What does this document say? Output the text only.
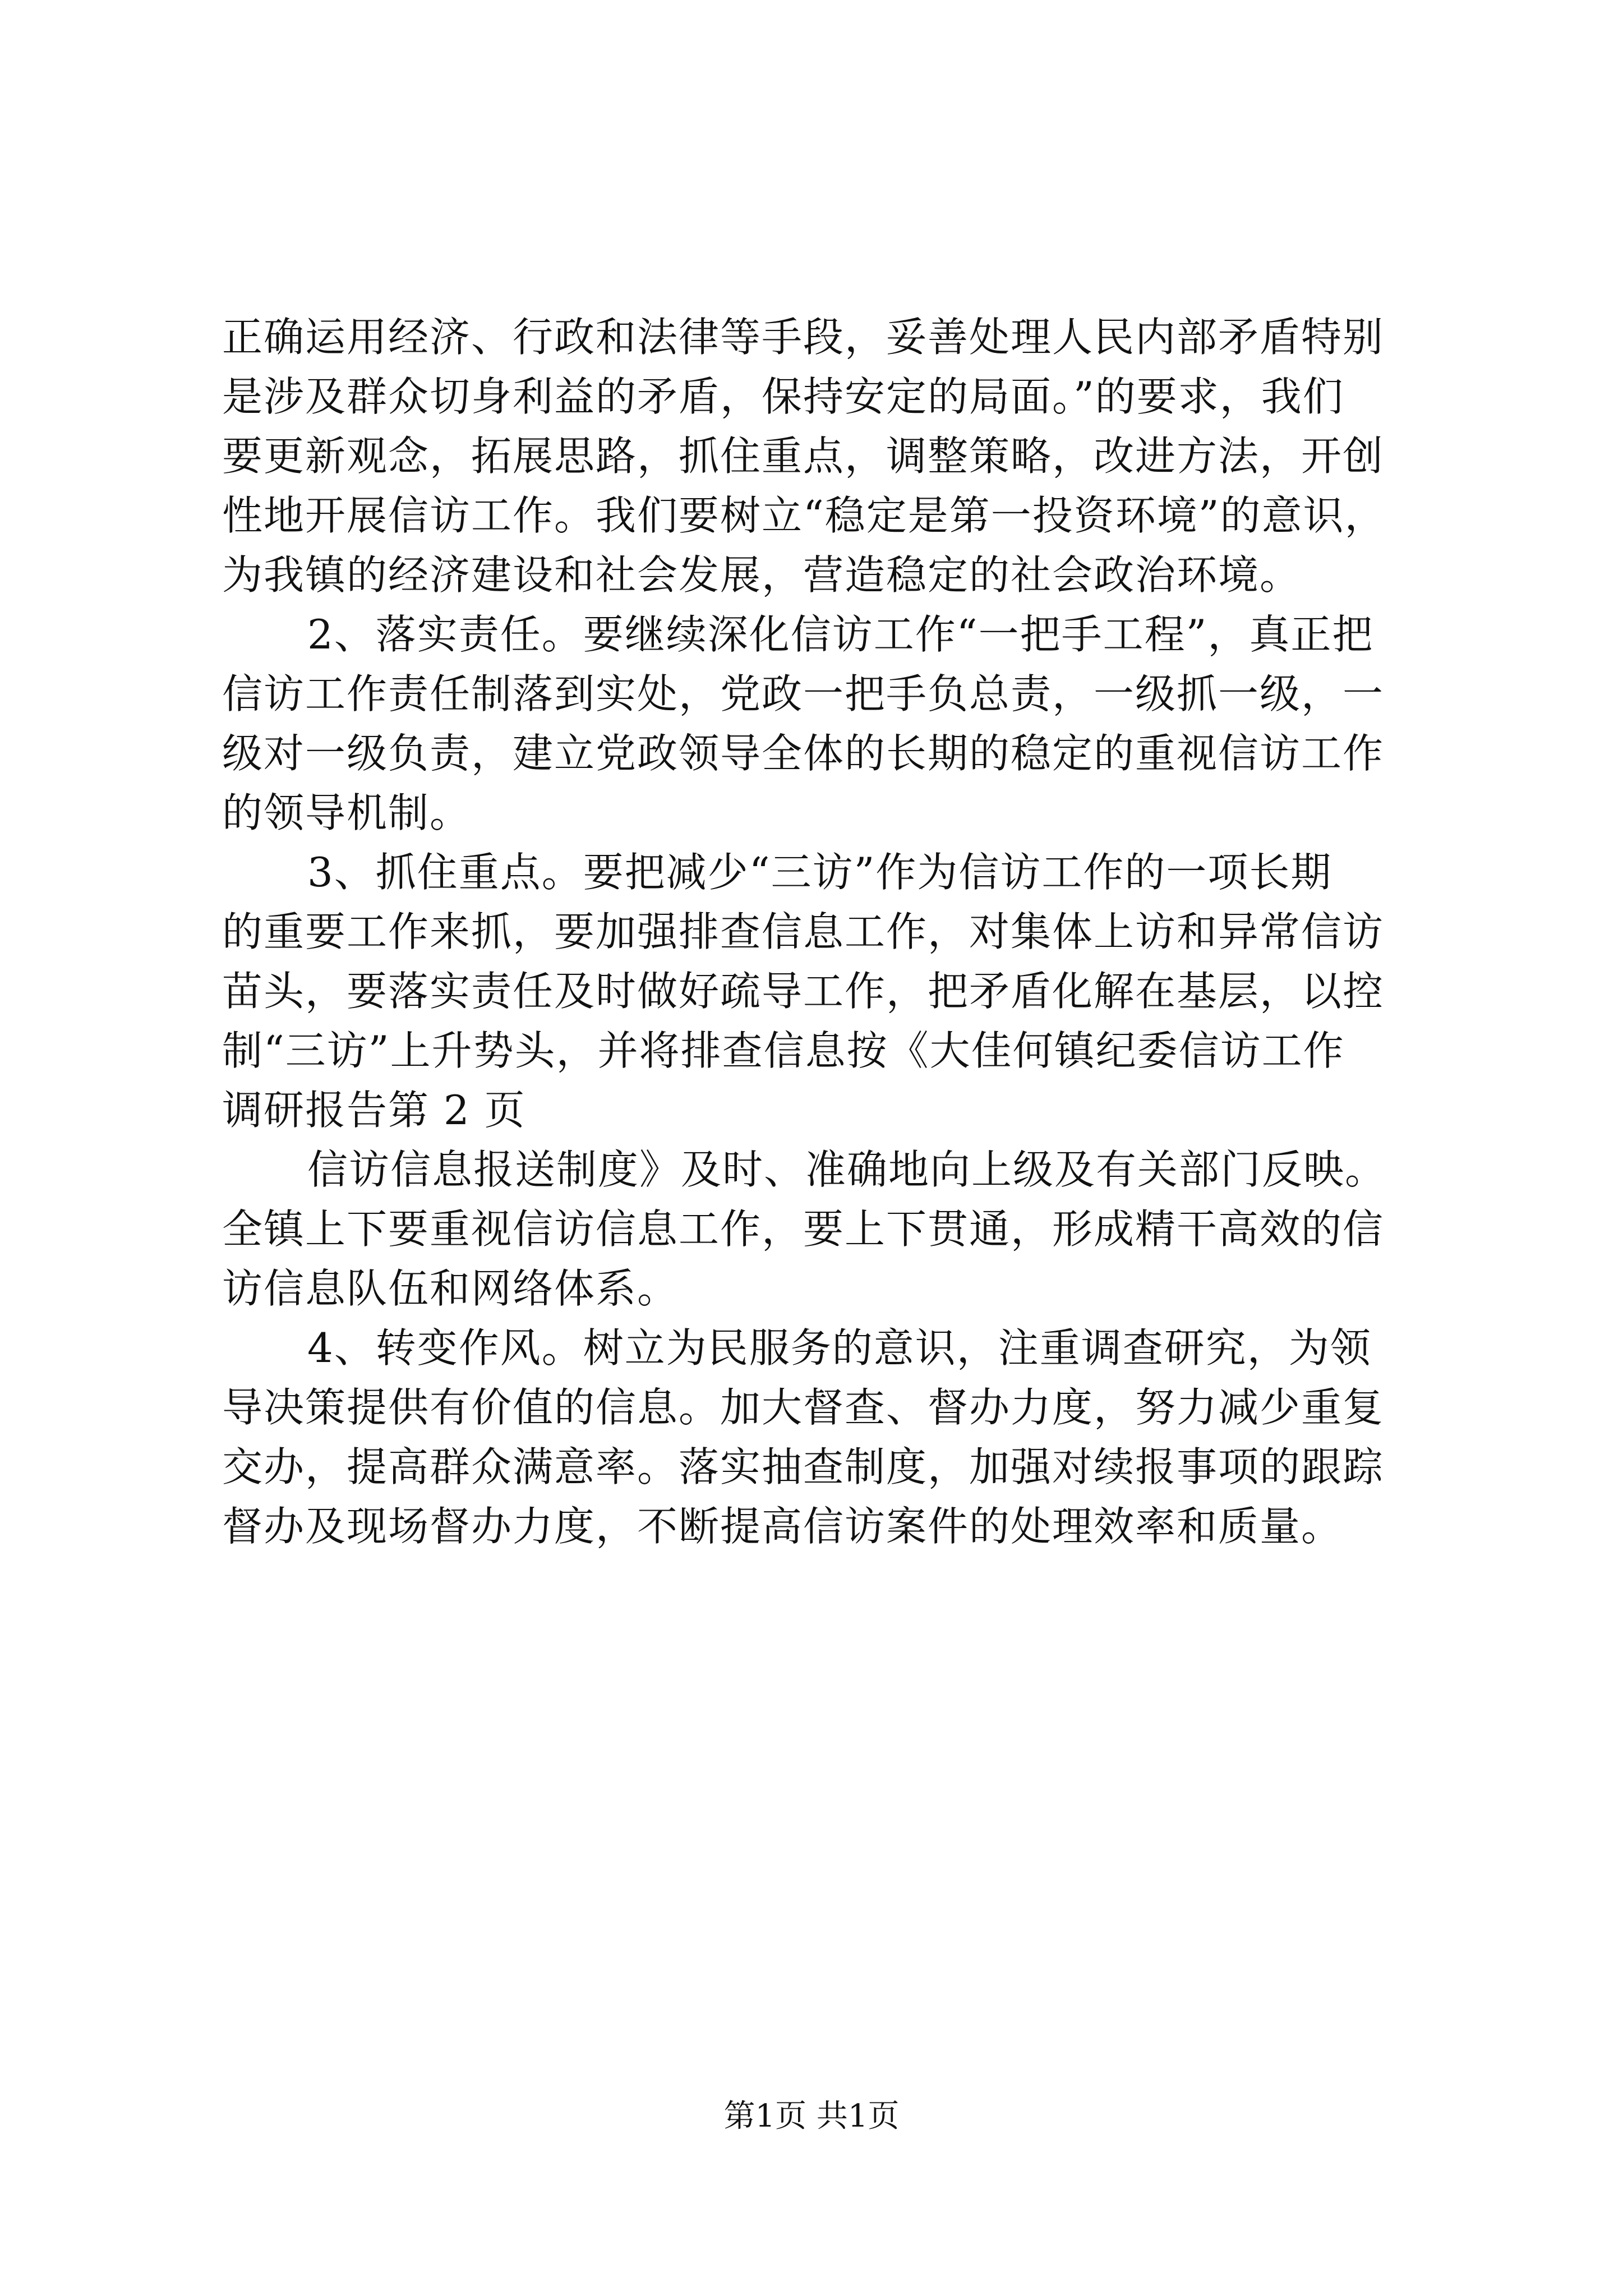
正确运用经济、行政和法律等手段，妥善处理人民内部矛盾特别
是涉及群众切身利益的矛盾，保持安定的局面。”的要求，我们
要更新观念，拓展思路，抓住重点，调整策略，改进方法，开创
性地开展信访工作。我们要树立“稳定是第一投资环境”的意识，
为我镇的经济建设和社会发展，营造稳定的社会政治环境。
2、落实责任。要继续深化信访工作“一把手工程”，真正把
信访工作责任制落到实处，党政一把手负总责，一级抓一级，一
级对一级负责，建立党政领导全体的长期的稳定的重视信访工作
的领导机制。
3、抓住重点。要把减少“三访”作为信访工作的一项长期
的重要工作来抓，要加强排查信息工作，对集体上访和异常信访
苗头，要落实责任及时做好疏导工作，把矛盾化解在基层，以控
制“三访”上升势头，并将排查信息按《大佳何镇纪委信访工作
调研报告第 2 页
信访信息报送制度》及时、准确地向上级及有关部门反映。
全镇上下要重视信访信息工作，要上下贯通，形成精干高效的信
访信息队伍和网络体系。
4、转变作风。树立为民服务的意识，注重调查研究，为领
导决策提供有价值的信息。加大督查、督办力度，努力减少重复
交办，提高群众满意率。落实抽查制度，加强对续报事项的跟踪
督办及现场督办力度，不断提高信访案件的处理效率和质量。
第1页 共1页
